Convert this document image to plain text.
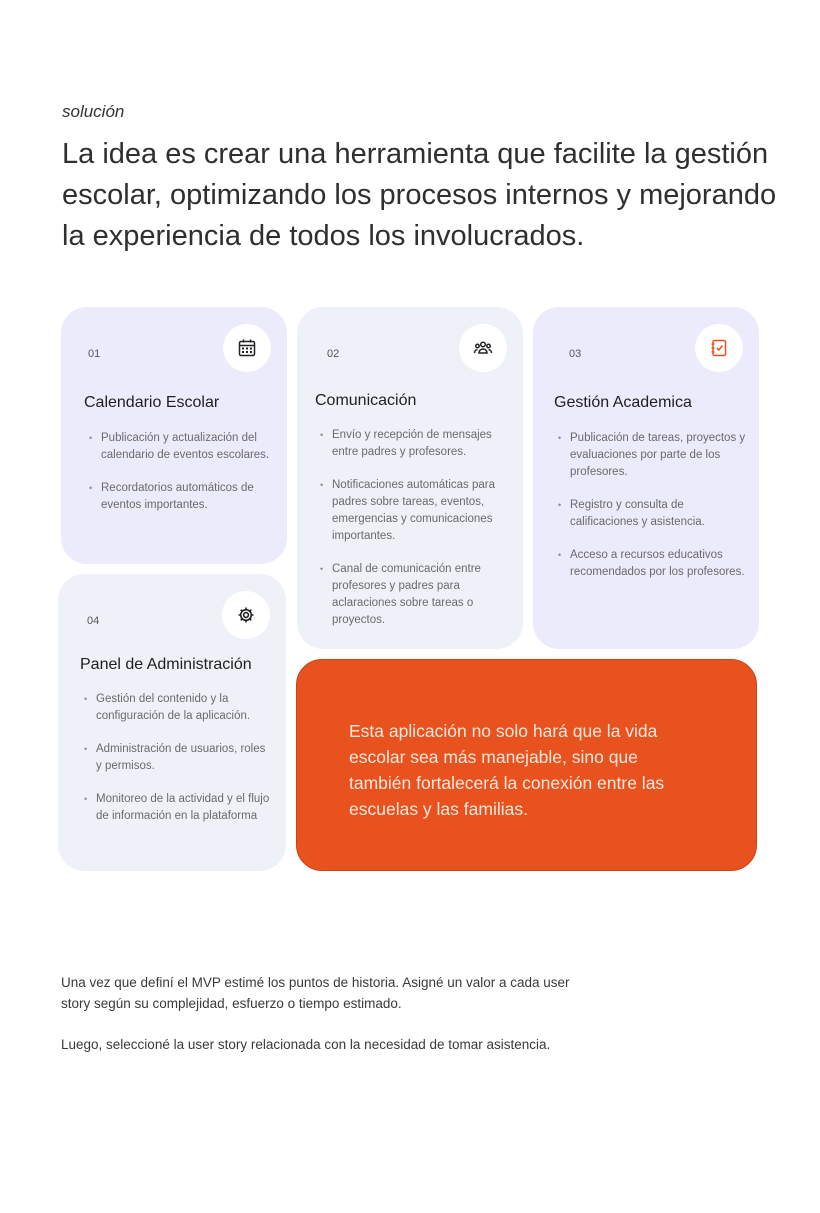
solución
La idea es crear una herramienta que facilite la gestión escolar, optimizando los procesos internos y mejorando la experiencia de todos los involucrados.
01
Calendario Escolar
• Publicación y actualización del calendario de eventos escolares.
• Recordatorios automáticos de eventos importantes.
02
Comunicación
• Envío y recepción de mensajes entre padres y profesores.
• Notificaciones automáticas para padres sobre tareas, eventos, emergencias y comunicaciones importantes.
• Canal de comunicación entre profesores y padres para aclaraciones sobre tareas o proyectos.
03
Gestión Academica
• Publicación de tareas, proyectos y evaluaciones por parte de los profesores.
• Registro y consulta de calificaciones y asistencia.
• Acceso a recursos educativos recomendados por los profesores.
04
Panel de Administración
• Gestión del contenido y la configuración de la aplicación.
• Administración de usuarios, roles y permisos.
• Monitoreo de la actividad y el flujo de información en la plataforma

Esta aplicación no solo hará que la vida escolar sea más manejable, sino que también fortalecerá la conexión entre las escuelas y las familias.

Una vez que definí el MVP estimé los puntos de historia. Asigné un valor a cada user story según su complejidad, esfuerzo o tiempo estimado.

Luego, seleccioné la user story relacionada con la necesidad de tomar asistencia.
